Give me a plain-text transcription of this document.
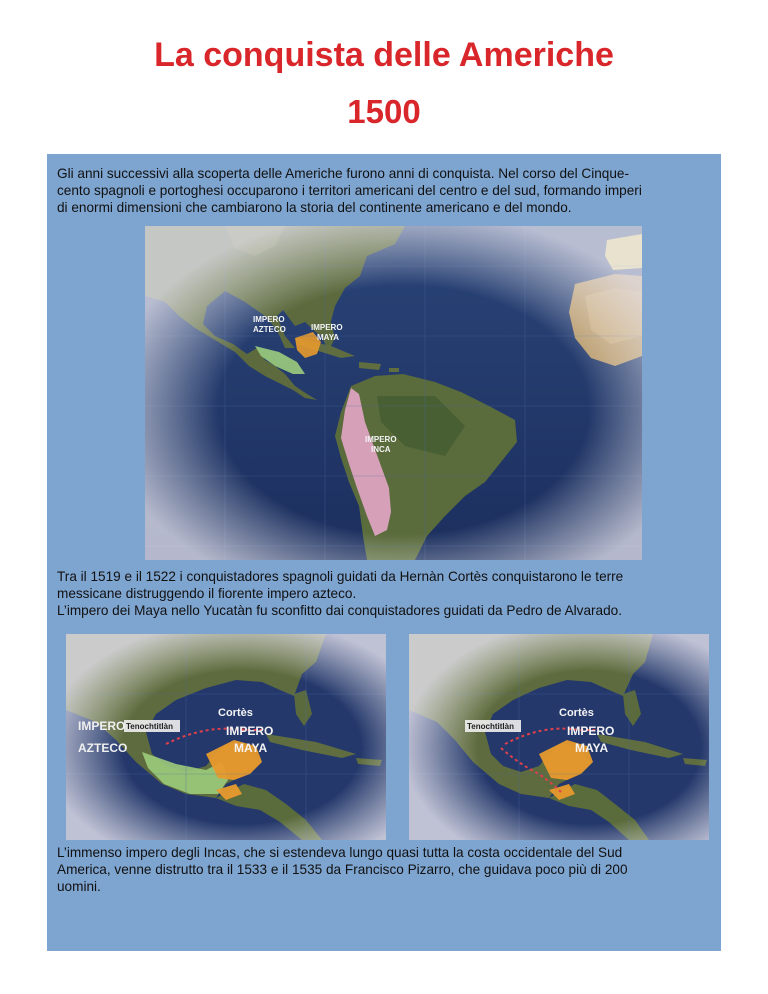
La conquista delle Americhe
1500

Gli anni successivi alla scoperta delle Americhe furono anni di conquista. Nel corso del Cinque-
cento spagnoli e portoghesi occuparono i territori americani del centro e del sud, formando imperi
di enormi dimensioni che cambiarono la storia del continente americano e del mondo.

IMPERO
AZTECO	IMPERO
MAYA
IMPERO
INCA

Tra il 1519 e il 1522 i conquistadores spagnoli guidati da Hernàn Cortès conquistarono le terre
messicane distruggendo il fiorente impero azteco.
L’impero dei Maya nello Yucatàn fu sconfitto dai conquistadores guidati da Pedro de Alvarado.

Tenochtitlàn
Cortès
IMPERO
AZTECO
IMPERO
MAYA
Tenochtitlàn
Cortès
IMPERO
MAYA

L’immenso impero degli Incas, che si estendeva lungo quasi tutta la costa occidentale del Sud
America, venne distrutto tra il 1533 e il 1535 da Francisco Pizarro, che guidava poco più di 200
uomini.
